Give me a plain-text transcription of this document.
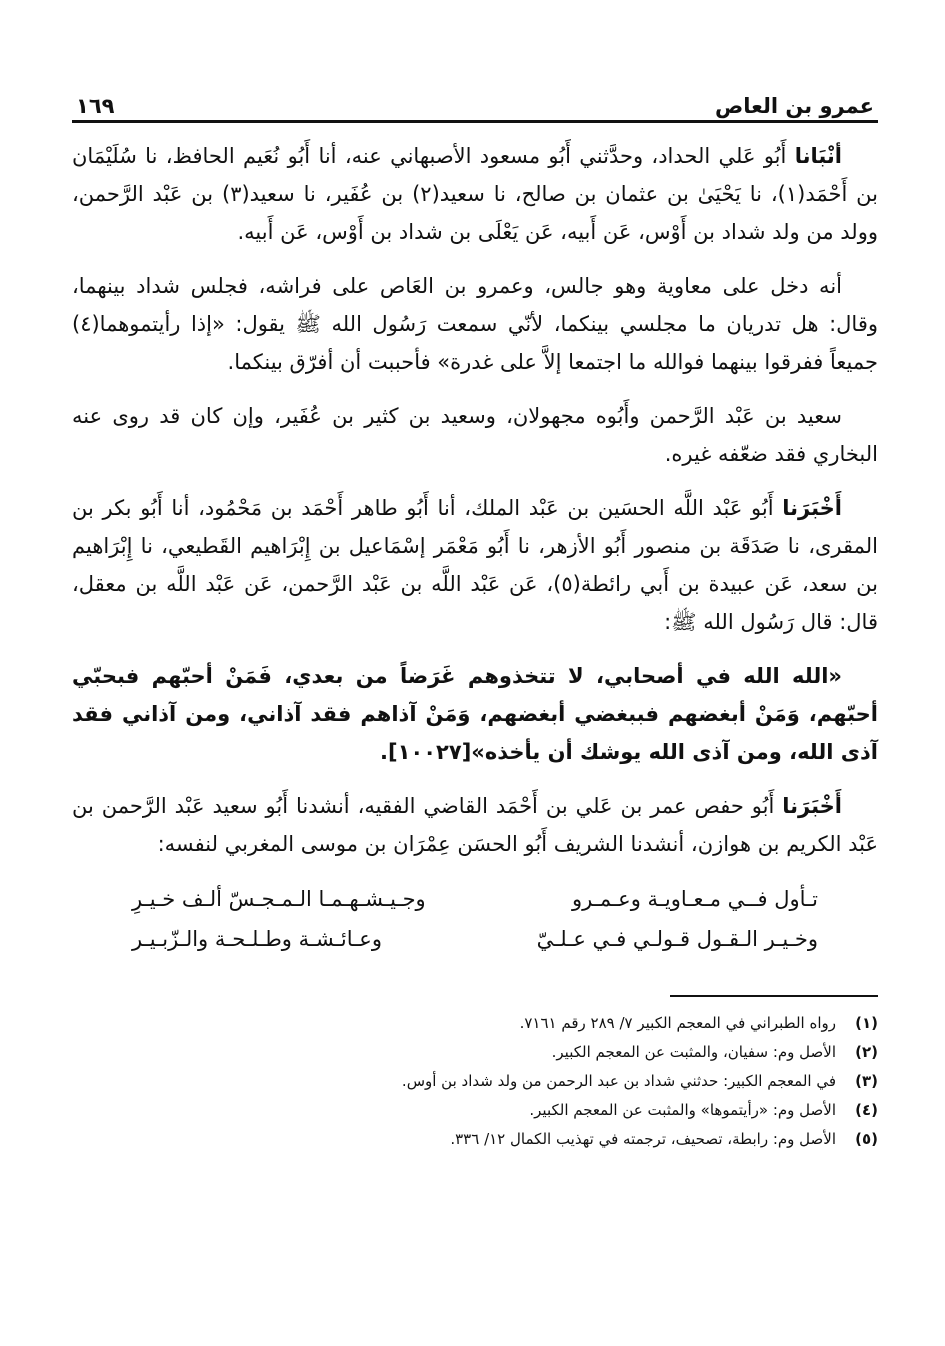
عمرو بن العاص
١٦٩

أنْبَانا أَبُو عَلي الحداد، وحدَّثني أَبُو مسعود الأصبهاني عنه، أنا أَبُو نُعَيم الحافظ، نا سُلَيْمَان بن أَحْمَد(١)، نا يَحْيَىٰ بن عثمان بن صالح، نا سعيد(٢) بن عُفَير، نا سعيد(٣) بن عَبْد الرَّحمن، وولد من ولد شداد بن أَوْس، عَن أَبيه، عَن يَعْلَى بن شداد بن أَوْس، عَن أَبيه.

أنه دخل على معاوية وهو جالس، وعمرو بن العَاص على فراشه، فجلس شداد بينهما، وقال: هل تدريان ما مجلسي بينكما، لأنّي سمعت رَسُول الله ﷺ يقول: «إذا رأيتموهما(٤) جميعاً ففرقوا بينهما فوالله ما اجتمعا إلاَّ على غدرة» فأحببت أن أفرّق بينكما.

سعيد بن عَبْد الرَّحمن وأَبُوه مجهولان، وسعيد بن كثير بن عُفَير، وإن كان قد روى عنه البخاري فقد ضعّفه غيره.

أَخْبَرَنا أَبُو عَبْد اللَّه الحسَين بن عَبْد الملك، أنا أَبُو طاهر أَحْمَد بن مَحْمُود، أنا أَبُو بكر بن المقرى، نا صَدَقَة بن منصور أَبُو الأزهر، نا أَبُو مَعْمَر إسْمَاعيل بن إِبْرَاهيم القَطيعي، نا إِبْرَاهيم بن سعد، عَن عبيدة بن أَبي رائطة(٥)، عَن عَبْد اللَّه بن عَبْد الرَّحمن، عَن عَبْد اللَّه بن معقل، قال: قال رَسُول الله ﷺ:

«الله الله في أصحابي، لا تتخذوهم غَرَضاً من بعدي، فَمَنْ أحبّهم فبحبّي أحبّهم، وَمَنْ أبغضهم فببغضي أبغضهم، وَمَنْ آذاهم فقد آذاني، ومن آذاني فقد آذى الله، ومن آذى الله يوشك أن يأخذه»[١٠٠٢٧].

أَخْبَرَنا أَبُو حفص عمر بن عَلي بن أَحْمَد القاضي الفقيه، أنشدنا أَبُو سعيد عَبْد الرَّحمن بن عَبْد الكريم بن هوازن، أنشدنا الشريف أَبُو الحسَن عِمْرَان بن موسى المغربي لنفسه:

تـأول فــي مـعـاويـة وعـمـرو
وجـيـشـهـمـا الـمـجـسّ ألـف خـيـرِ
وخـيـر الـقـول قـولـي فـي عـلـيّ
وعـائـشـة وطـلـحـة والـزّبـيـر
(١)
رواه الطبراني في المعجم الكبير ٧/ ٢٨٩ رقم ٧١٦١.
(٢)
الأصل وم: سفيان، والمثبت عن المعجم الكبير.
(٣)
في المعجم الكبير: حدثني شداد بن عبد الرحمن من ولد شداد بن أوس.
(٤)
الأصل وم: «رأيتموها» والمثبت عن المعجم الكبير.
(٥)
الأصل وم: رابطة، تصحيف، ترجمته في تهذيب الكمال ١٢/ ٣٣٦.
